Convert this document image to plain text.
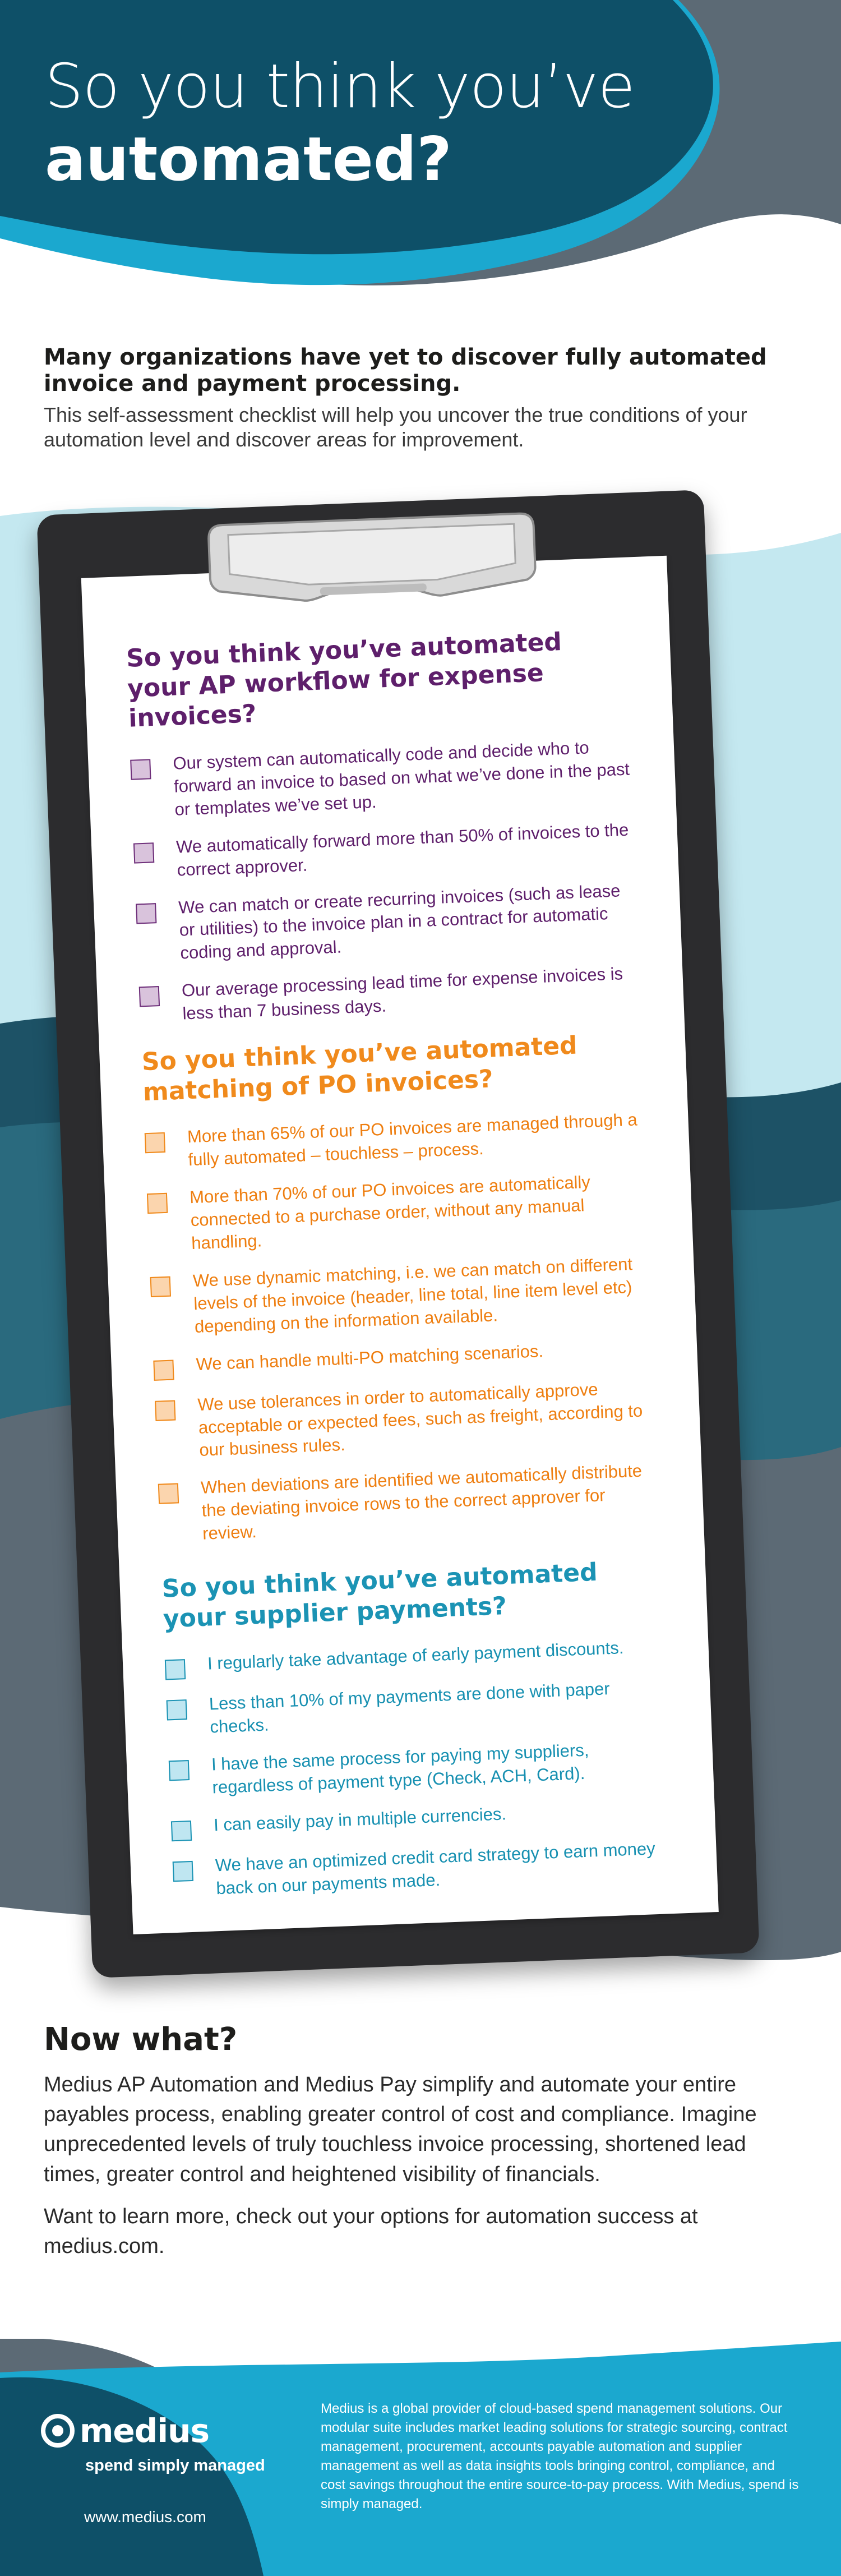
So you think you’ve
automated?
Many organizations have yet to discover fully automated invoice and payment processing.
This self-assessment checklist will help you uncover the true conditions of your automation level and discover areas for improvement.
So you think you’ve automated your AP workflow for expense invoices?
Our system can automatically code and decide who to forward an invoice to based on what we’ve done in the past or templates we’ve set up.
We automatically forward more than 50% of invoices to the correct approver.
We can match or create recurring invoices (such as lease or utilities) to the invoice plan in a contract for automatic coding and approval.
Our average processing lead time for expense invoices is less than 7 business days.
So you think you’ve automated matching of PO invoices?
More than 65% of our PO invoices are managed through a fully automated – touchless – process.
More than 70% of our PO invoices are automatically connected to a purchase order, without any manual handling.
We use dynamic matching, i.e. we can match on different levels of the invoice (header, line total, line item level etc) depending on the information available.
We can handle multi-PO matching scenarios.
We use tolerances in order to automatically approve acceptable or expected fees, such as freight, according to our business rules.
When deviations are identified we automatically distribute the deviating invoice rows to the correct approver for review.
So you think you’ve automated your supplier payments?
I regularly take advantage of early payment discounts.
Less than 10% of my payments are done with paper checks.
I have the same process for paying my suppliers, regardless of payment type (Check, ACH, Card).
I can easily pay in multiple currencies.
We have an optimized credit card strategy to earn money back on our payments made.
Now what?
Medius AP Automation and Medius Pay simplify and automate your entire payables process, enabling greater control of cost and compliance. Imagine unprecedented levels of truly touchless invoice processing, shortened lead times, greater control and heightened visibility of financials.
Want to learn more, check out your options for automation success at medius.com.
medius
spend simply managed
www.medius.com
Medius is a global provider of cloud-based spend management solutions. Our modular suite includes market leading solutions for strategic sourcing, contract management, procurement, accounts payable automation and supplier management as well as data insights tools bringing control, compliance, and cost savings throughout the entire source-to-pay process. With Medius, spend is simply managed.
